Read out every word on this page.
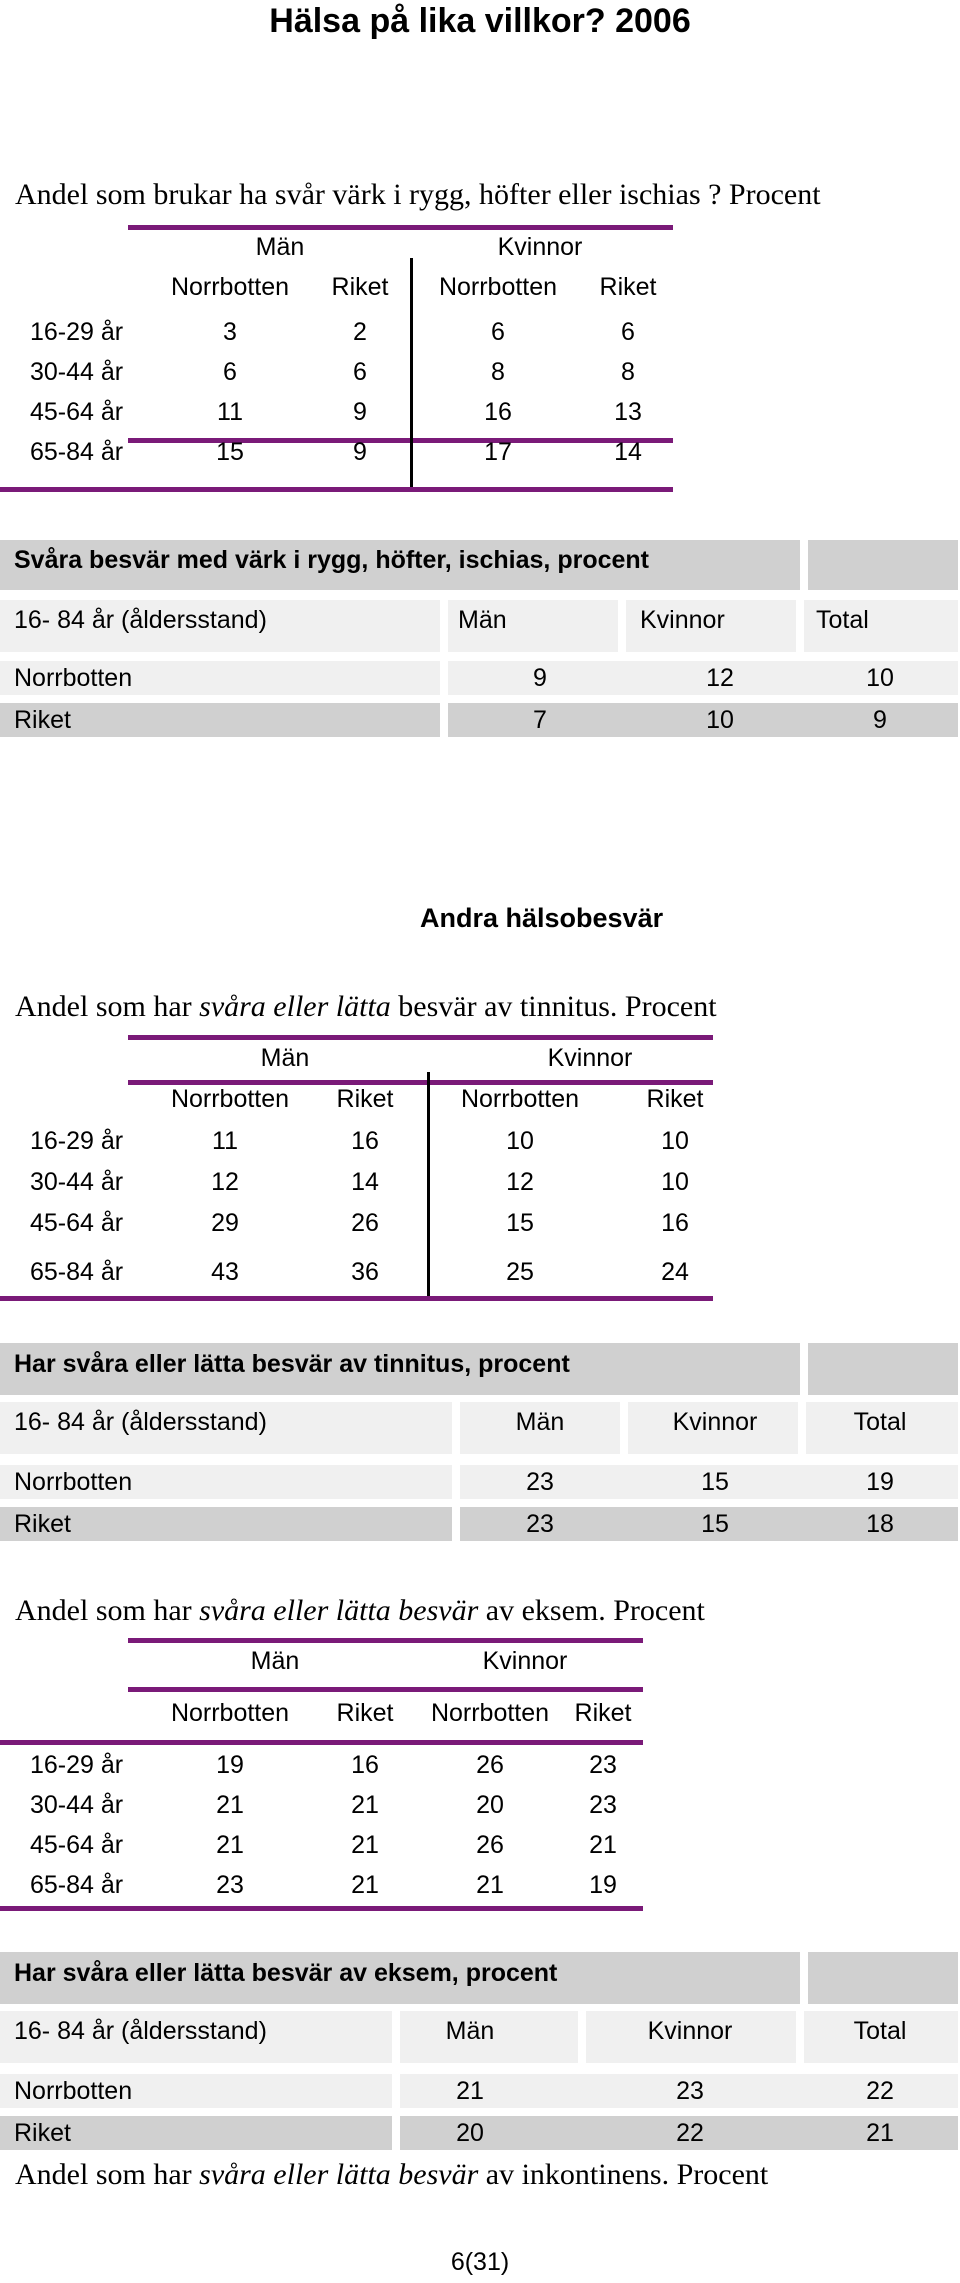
Hälsa på lika villkor? 2006
Andel som brukar ha svår värk i rygg, höfter eller ischias ? Procent
Män	Kvinnor
Norrbotten	Riket	Norrbotten	Riket
16-29 år	3	2	6	6
30-44 år	6	6	8	8
45-64 år	11	9	16	13
65-84 år	15	9	17	14
Svåra besvär med värk i rygg, höfter, ischias, procent
16- 84 år (åldersstand)	Män	Kvinnor	Total
Norrbotten	9	12	10
Riket	7	10	9
Andra hälsobesvär
Andel som har svåra eller lätta besvär av tinnitus. Procent
Män	Kvinnor
Norrbotten	Riket	Norrbotten	Riket
16-29 år	11	16	10	10
30-44 år	12	14	12	10
45-64 år	29	26	15	16
65-84 år	43	36	25	24
Har svåra eller lätta besvär av tinnitus, procent
16- 84 år (åldersstand)	Män	Kvinnor	Total
Norrbotten	23	15	19
Riket	23	15	18
Andel som har svåra eller lätta besvär av eksem. Procent
Män	Kvinnor
Norrbotten	Riket	Norrbotten	Riket
16-29 år	19	16	26	23
30-44 år	21	21	20	23
45-64 år	21	21	26	21
65-84 år	23	21	21	19
Har svåra eller lätta besvär av eksem, procent
16- 84 år (åldersstand)	Män	Kvinnor	Total
Norrbotten	21	23	22
Riket	20	22	21
Andel som har svåra eller lätta besvär av inkontinens. Procent
6(31)
